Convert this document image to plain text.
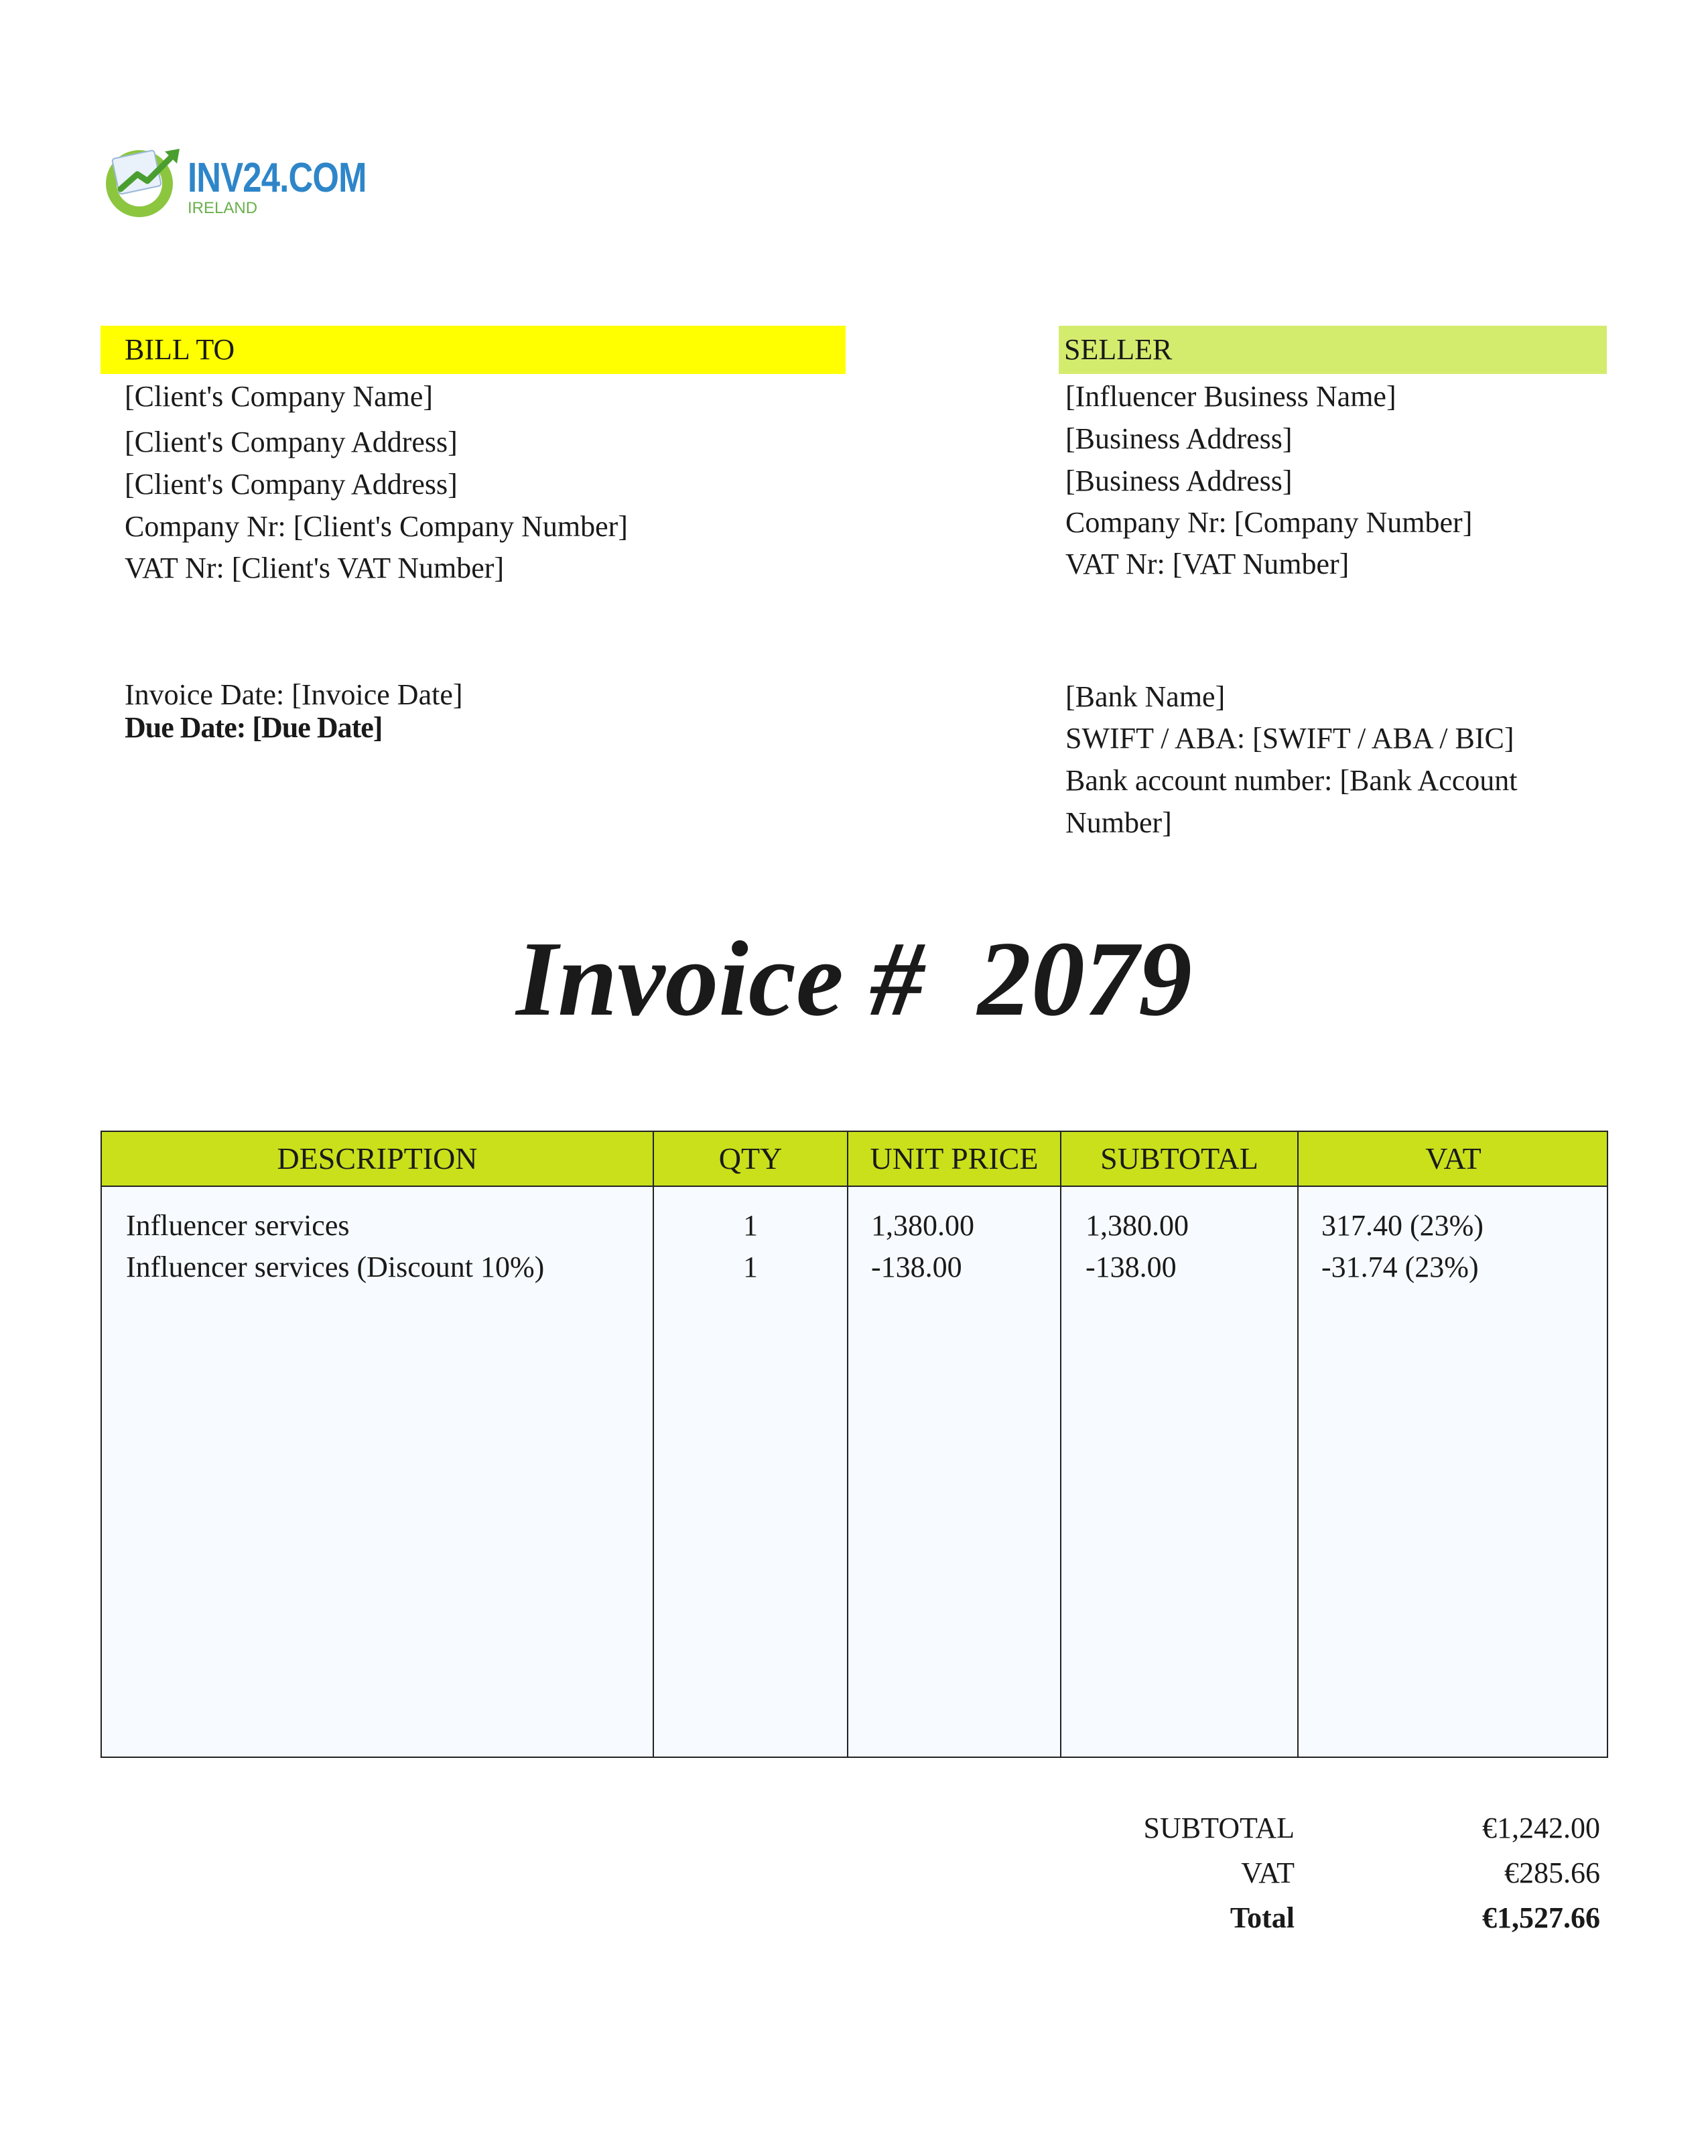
INV24.COM
IRELAND
BILL TO
[Client's Company Name]
[Client's Company Address]
[Client's Company Address]
Company Nr: [Client's Company Number]
VAT Nr: [Client's VAT Number]
Invoice Date: [Invoice Date]
Due Date: [Due Date]
SELLER
[Influencer Business Name]
[Business Address]
[Business Address]
Company Nr: [Company Number]
VAT Nr: [VAT Number]
[Bank Name]
SWIFT / ABA: [SWIFT / ABA / BIC]
Bank account number: [Bank Account
Number]
Invoice # 2079
DESCRIPTION	QTY	UNIT PRICE	SUBTOTAL	VAT
Influencer services	1	1,380.00	1,380.00	317.40 (23%)
Influencer services (Discount 10%)	1	-138.00	-138.00	-31.74 (23%)
SUBTOTAL	€1,242.00
VAT	€285.66
Total	€1,527.66
